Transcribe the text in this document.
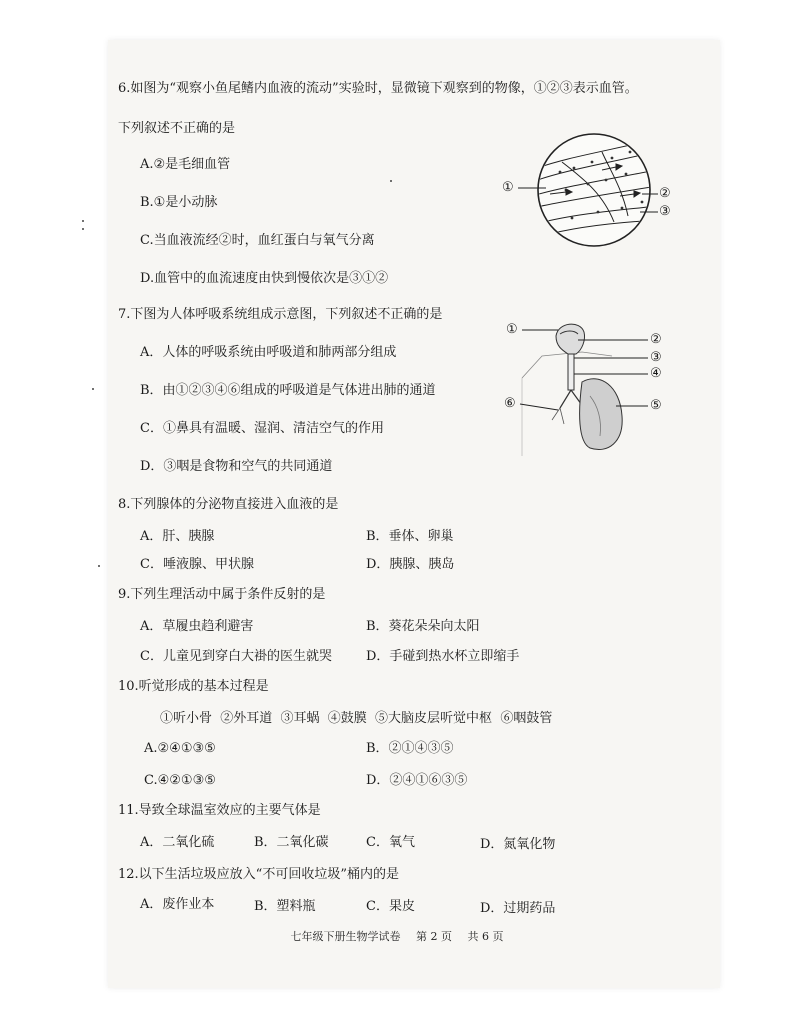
6.如图为“观察小鱼尾鳍内血液的流动”实验时，显微镜下观察到的物像，①②③表示血管。
下列叙述不正确的是
A.②是毛细血管
B.①是小动脉
C.当血液流经②时，血红蛋白与氧气分离
D.血管中的血流速度由快到慢依次是③①②
①	②
③
7.下图为人体呼吸系统组成示意图，下列叙述不正确的是
A．人体的呼吸系统由呼吸道和肺两部分组成
B．由①②③④⑥组成的呼吸道是气体进出肺的通道
C．①鼻具有温暖、湿润、清洁空气的作用
D．③咽是食物和空气的共同通道
①
②
③
④
⑤
⑥
8.下列腺体的分泌物直接进入血液的是
A．肝、胰腺	B．垂体、卵巢
C．唾液腺、甲状腺	D．胰腺、胰岛
9.下列生理活动中属于条件反射的是
A．草履虫趋利避害	B．葵花朵朵向太阳
C．儿童见到穿白大褂的医生就哭	D．手碰到热水杯立即缩手
10.听觉形成的基本过程是
①听小骨  ②外耳道  ③耳蜗  ④鼓膜  ⑤大脑皮层听觉中枢  ⑥咽鼓管
A.②④①③⑤	B．②①④③⑤
C.④②①③⑤	D．②④①⑥③⑤
11.导致全球温室效应的主要气体是
A．二氧化硫	B．二氧化碳	C．氧气	D．氮氧化物
12.以下生活垃圾应放入“不可回收垃圾”桶内的是
A．废作业本	B．塑料瓶	C．果皮	D．过期药品
七年级下册生物学试卷 第 2 页 共 6 页
